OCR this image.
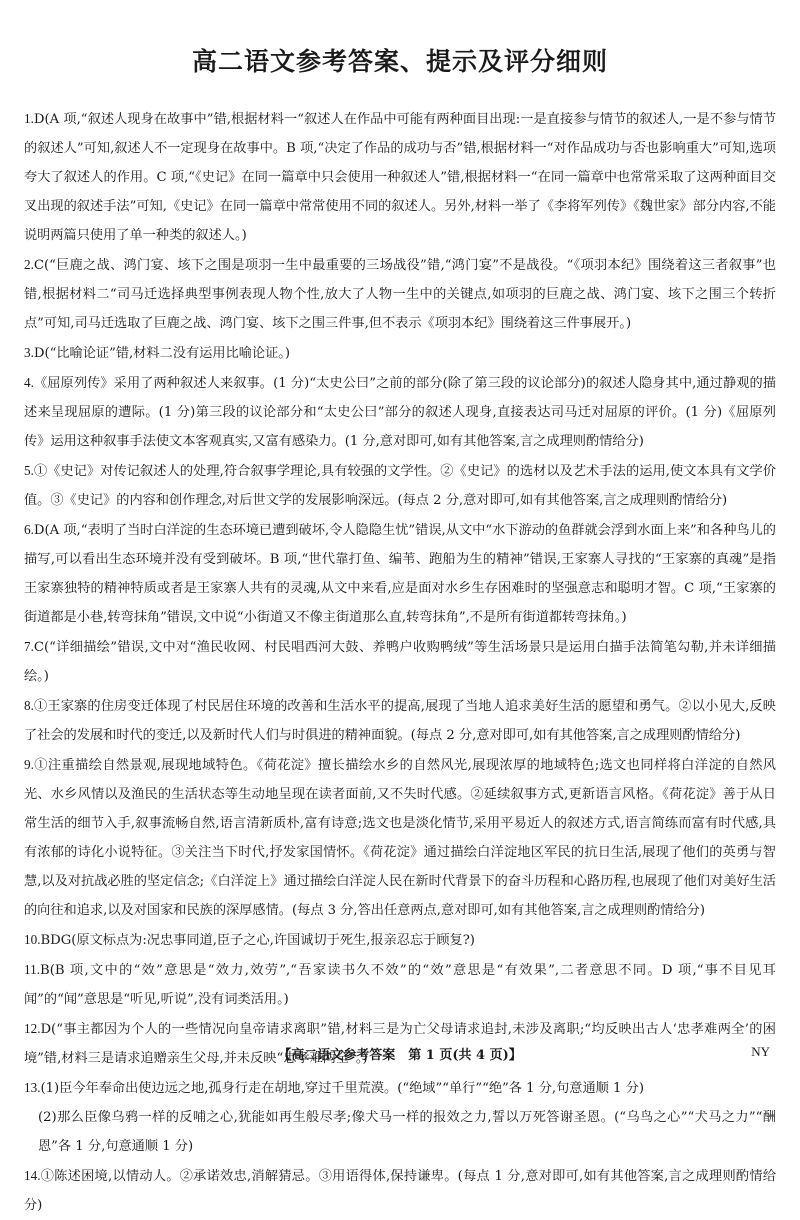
高二语文参考答案、提示及评分细则

1.D(A 项,“叙述人现身在故事中”错,根据材料一“叙述人在作品中可能有两种面目出现:一是直接参与情节的叙述人,一是不参与情节的叙述人”可知,叙述人不一定现身在故事中。B 项,“决定了作品的成功与否”错,根据材料一“对作品成功与否也影响重大”可知,选项夸大了叙述人的作用。C 项,“《史记》在同一篇章中只会使用一种叙述人”错,根据材料一“在同一篇章中也常常采取了这两种面目交叉出现的叙述手法”可知,《史记》在同一篇章中常常使用不同的叙述人。另外,材料一举了《李将军列传》《魏世家》部分内容,不能说明两篇只使用了单一种类的叙述人。)

2.C(“巨鹿之战、鸿门宴、垓下之围是项羽一生中最重要的三场战役”错,“鸿门宴”不是战役。“《项羽本纪》围绕着这三者叙事”也错,根据材料二“司马迁选择典型事例表现人物个性,放大了人物一生中的关键点,如项羽的巨鹿之战、鸿门宴、垓下之围三个转折点”可知,司马迁选取了巨鹿之战、鸿门宴、垓下之围三件事,但不表示《项羽本纪》围绕着这三件事展开。)

3.D(“比喻论证”错,材料二没有运用比喻论证。)

4.《屈原列传》采用了两种叙述人来叙事。(1 分)“太史公曰”之前的部分(除了第三段的议论部分)的叙述人隐身其中,通过静观的描述来呈现屈原的遭际。(1 分)第三段的议论部分和“太史公曰”部分的叙述人现身,直接表达司马迁对屈原的评价。(1 分)《屈原列传》运用这种叙事手法使文本客观真实,又富有感染力。(1 分,意对即可,如有其他答案,言之成理则酌情给分)

5.①《史记》对传记叙述人的处理,符合叙事学理论,具有较强的文学性。②《史记》的选材以及艺术手法的运用,使文本具有文学价值。③《史记》的内容和创作理念,对后世文学的发展影响深远。(每点 2 分,意对即可,如有其他答案,言之成理则酌情给分)

6.D(A 项,“表明了当时白洋淀的生态环境已遭到破坏,令人隐隐生忧”错误,从文中“水下游动的鱼群就会浮到水面上来”和各种鸟儿的描写,可以看出生态环境并没有受到破坏。B 项,“世代靠打鱼、编苇、跑船为生的精神”错误,王家寨人寻找的“王家寨的真魂”是指王家寨独特的精神特质或者是王家寨人共有的灵魂,从文中来看,应是面对水乡生存困难时的坚强意志和聪明才智。C 项,“王家寨的街道都是小巷,转弯抹角”错误,文中说“小街道又不像主街道那么直,转弯抹角”,不是所有街道都转弯抹角。)

7.C(“详细描绘”错误,文中对“渔民收网、村民唱西河大鼓、养鸭户收购鸭绒”等生活场景只是运用白描手法简笔勾勒,并未详细描绘。)

8.①王家寨的住房变迁体现了村民居住环境的改善和生活水平的提高,展现了当地人追求美好生活的愿望和勇气。②以小见大,反映了社会的发展和时代的变迁,以及新时代人们与时俱进的精神面貌。(每点 2 分,意对即可,如有其他答案,言之成理则酌情给分)

9.①注重描绘自然景观,展现地域特色。《荷花淀》擅长描绘水乡的自然风光,展现浓厚的地域特色;选文也同样将白洋淀的自然风光、水乡风情以及渔民的生活状态等生动地呈现在读者面前,又不失时代感。②延续叙事方式,更新语言风格。《荷花淀》善于从日常生活的细节入手,叙事流畅自然,语言清新质朴,富有诗意;选文也是淡化情节,采用平易近人的叙述方式,语言简练而富有时代感,具有浓郁的诗化小说特征。③关注当下时代,抒发家国情怀。《荷花淀》通过描绘白洋淀地区军民的抗日生活,展现了他们的英勇与智慧,以及对抗战必胜的坚定信念;《白洋淀上》通过描绘白洋淀人民在新时代背景下的奋斗历程和心路历程,也展现了他们对美好生活的向往和追求,以及对国家和民族的深厚感情。(每点 3 分,答出任意两点,意对即可,如有其他答案,言之成理则酌情给分)

10.BDG(原文标点为:况忠事同道,臣子之心,许国诚切于死生,报亲忍忘于顾复?)

11.B(B 项,文中的“效”意思是“效力,效劳”,“吾家读书久不效”的“效”意思是“有效果”,二者意思不同。D 项,“事不目见耳闻”的“闻”意思是“听见,听说”,没有词类活用。)

12.D(“事主都因为个人的一些情况向皇帝请求离职”错,材料三是为亡父母请求追封,未涉及离职;“均反映出古人‘忠孝难两全’的困境”错,材料三是请求追赠亲生父母,并未反映“忠孝难两全”。)

13.(1)臣今年奉命出使边远之地,孤身行走在胡地,穿过千里荒漠。(“绝域”“单行”“绝”各 1 分,句意通顺 1 分)

(2)那么臣像乌鸦一样的反哺之心,犹能如再生般尽孝;像犬马一样的报效之力,誓以万死答谢圣恩。(“乌鸟之心”“犬马之力”“酬恩”各 1 分,句意通顺 1 分)

14.①陈述困境,以情动人。②承诺效忠,消解猜忌。③用语得体,保持谦卑。(每点 1 分,意对即可,如有其他答案,言之成理则酌情给分)

【高二语文参考答案　第 1 页(共 4 页)】	NY
